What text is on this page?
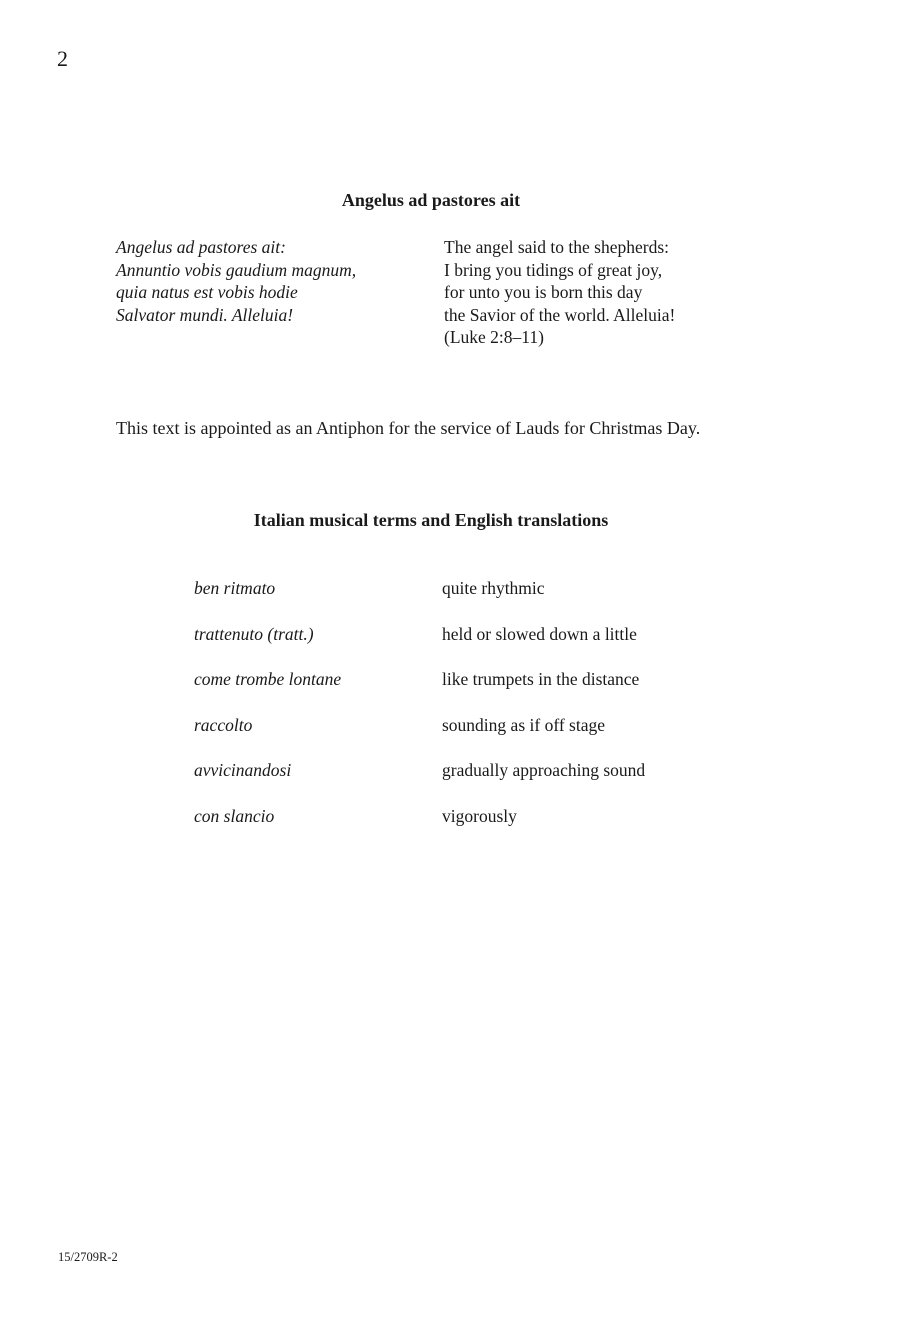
2
Angelus ad pastores ait
Angelus ad pastores ait:
Annuntio vobis gaudium magnum,
quia natus est vobis hodie
Salvator mundi. Alleluia!
The angel said to the shepherds:
I bring you tidings of great joy,
for unto you is born this day
the Savior of the world. Alleluia!
(Luke 2:8–11)
This text is appointed as an Antiphon for the service of Lauds for Christmas Day.
Italian musical terms and English translations
ben ritmato	quite rhythmic
trattenuto (tratt.)	held or slowed down a little
come trombe lontane	like trumpets in the distance
raccolto	sounding as if off stage
avvicinandosi	gradually approaching sound
con slancio	vigorously
15/2709R-2
